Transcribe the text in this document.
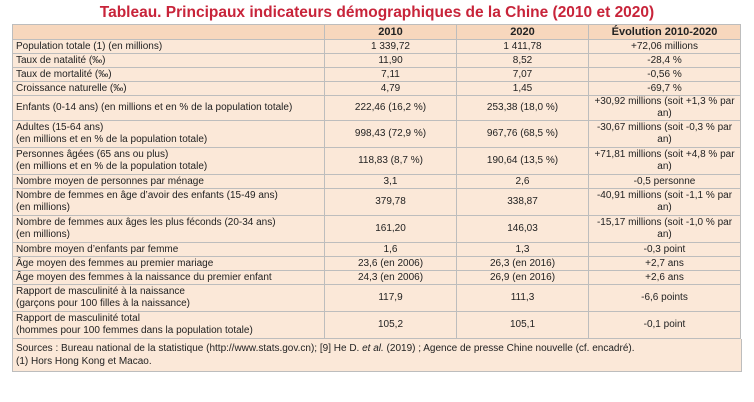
Tableau. Principaux indicateurs démographiques de la Chine (2010 et 2020)
	2010	2020	Évolution 2010-2020

Population totale (1) (en millions)	1 339,72	1 411,78	+72,06 millions

Taux de natalité (‰)	11,90	8,52	-28,4 %

Taux de mortalité (‰)	7,11	7,07	-0,56 %

Croissance naturelle (‰)	4,79	1,45	-69,7 %

Enfants (0-14 ans) (en millions et en % de la population totale)	222,46 (16,2 %)	253,38 (18,0 %)	+30,92 millions (soit +1,3 % par an)

Adultes (15-64 ans)
(en millions et en % de la population totale)	998,43 (72,9 %)	967,76 (68,5 %)	-30,67 millions (soit -0,3 % par an)

Personnes âgées (65 ans ou plus)
(en millions et en % de la population totale)	118,83 (8,7 %)	190,64 (13,5 %)	+71,81 millions (soit +4,8 % par an)

Nombre moyen de personnes par ménage	3,1	2,6	-0,5 personne

Nombre de femmes en âge d’avoir des enfants (15-49 ans)
(en millions)	379,78	338,87	-40,91 millions (soit -1,1 % par an)

Nombre de femmes aux âges les plus féconds (20-34 ans)
(en millions)	161,20	146,03	-15,17 millions (soit -1,0 % par an)

Nombre moyen d’enfants par femme	1,6	1,3	-0,3 point

Âge moyen des femmes au premier mariage	23,6 (en 2006)	26,3 (en 2016)	+2,7 ans

Âge moyen des femmes à la naissance du premier enfant	24,3 (en 2006)	26,9 (en 2016)	+2,6 ans

Rapport de masculinité à la naissance
(garçons pour 100 filles à la naissance)	117,9	111,3	-6,6 points

Rapport de masculinité total
(hommes pour 100 femmes dans la population totale)	105,2	105,1	-0,1 point
Sources : Bureau national de la statistique (http://www.stats.gov.cn); [9] He D. et al. (2019) ; Agence de presse Chine nouvelle (cf. encadré).
(1) Hors Hong Kong et Macao.
